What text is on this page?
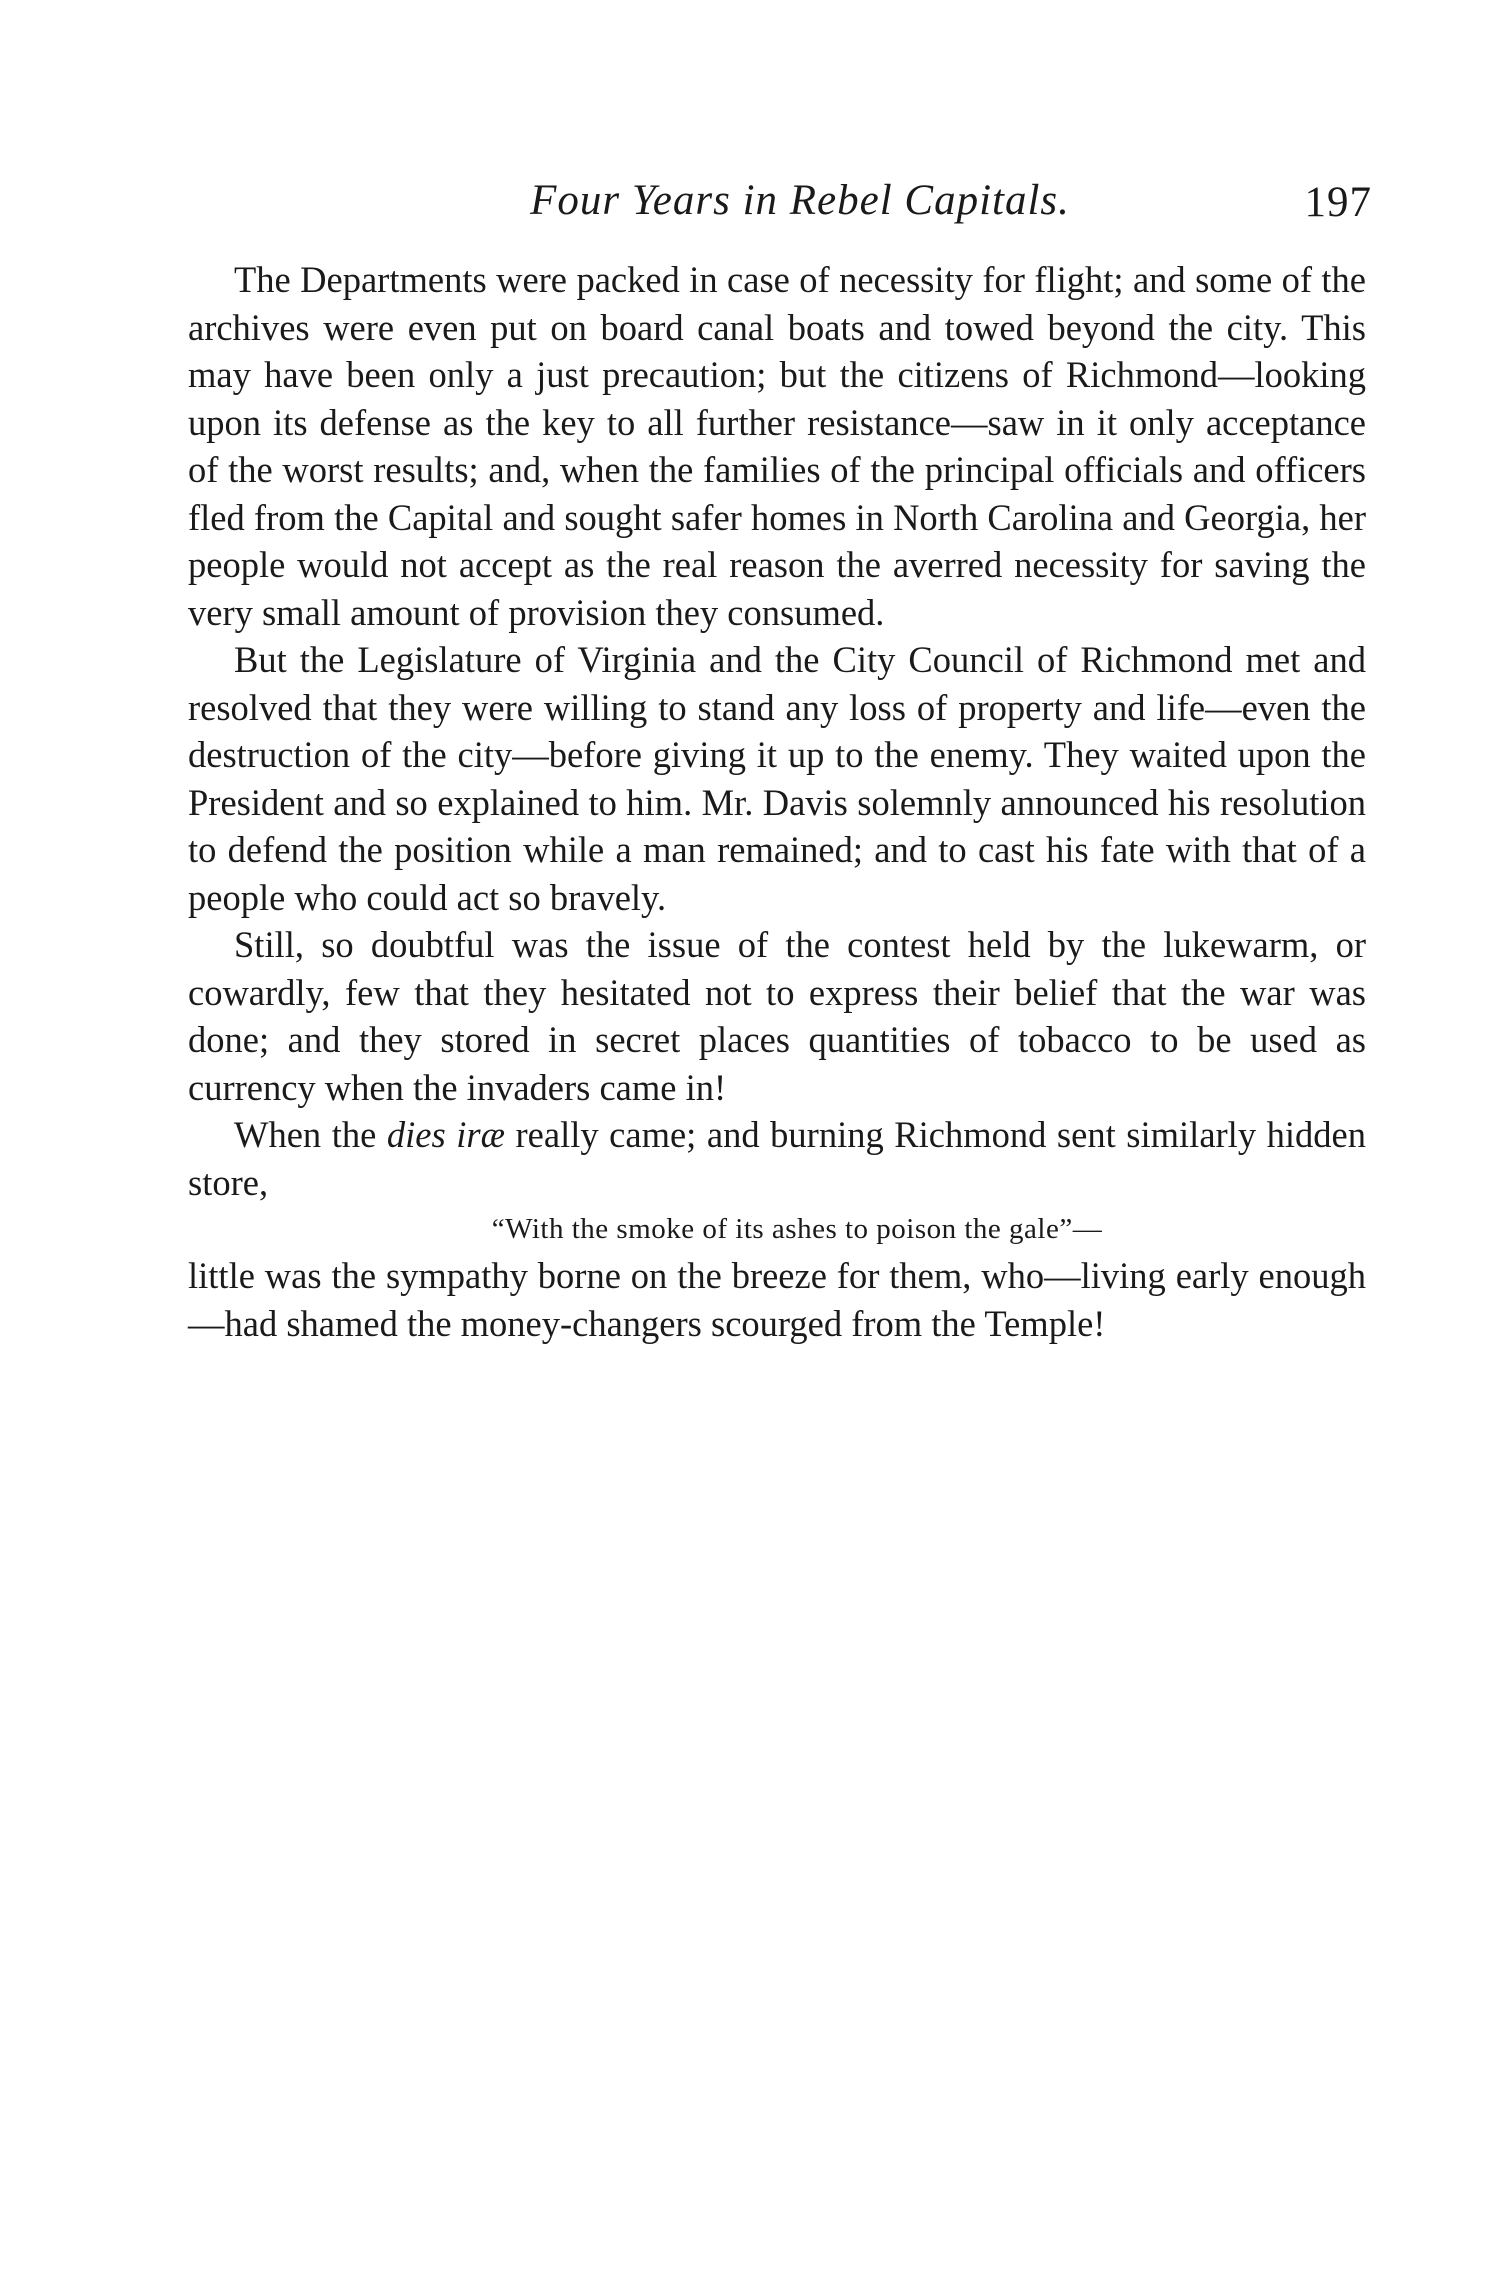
Four Years in Rebel Capitals.	197

The Departments were packed in case of necessity for flight; and some of the archives were even put on board canal boats and towed beyond the city. This may have been only a just precaution; but the citizens of Richmond—looking upon its defense as the key to all further resistance—saw in it only acceptance of the worst results; and, when the families of the principal officials and officers fled from the Capital and sought safer homes in North Carolina and Georgia, her people would not accept as the real reason the averred necessity for saving the very small amount of provision they consumed.

But the Legislature of Virginia and the City Council of Richmond met and resolved that they were willing to stand any loss of property and life—even the destruction of the city—before giving it up to the enemy. They waited upon the President and so explained to him. Mr. Davis solemnly announced his resolution to defend the position while a man remained; and to cast his fate with that of a people who could act so bravely.

Still, so doubtful was the issue of the contest held by the lukewarm, or cowardly, few that they hesitated not to express their belief that the war was done; and they stored in secret places quantities of tobacco to be used as currency when the invaders came in!

When the dies iræ really came; and burning Richmond sent similarly hidden store,

“With the smoke of its ashes to poison the gale”—

little was the sympathy borne on the breeze for them, who—living early enough—had shamed the money-changers scourged from the Temple!
